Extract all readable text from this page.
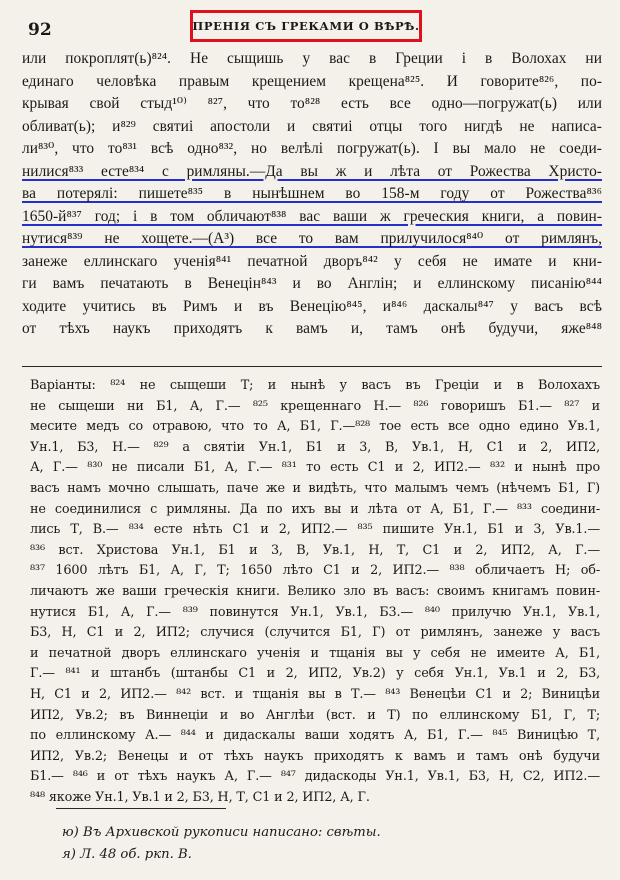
92	ПРЕНІЯ СЪ ГРЕКАМИ О ВѢРѢ.
или покроплят(ь)⁸²⁴. Не сыщишь у вас в Греции і в Волохах ни
единаго человѣка правым крещением крещена⁸²⁵. И говорите⁸²⁶, по-
крывая свой стыд¹⁰⁾ ⁸²⁷, что то⁸²⁸ есть все одно—погружат(ь) или
обливат(ь); и⁸²⁹ святиі апостоли и святиі отцы того нигдѣ не написа-
ли⁸³⁰, что то⁸³¹ всѣ одно⁸³², но велѣлі погружат(ь). І вы мало не соеди-
нилися⁸³³ есте⁸³⁴ с римляны.—Да вы ж и лѣта от Рожества Христо-
ва потерялі: пишете⁸³⁵ в нынѣшнем во 158-м году от Рожества⁸³⁶
1650-й⁸³⁷ год; і в том обличают⁸³⁸ вас ваши ж греческия книги, а повин-
нутися⁸³⁹ не хощете.—(А³) все то вам прилучилося⁸⁴⁰ от римлянъ,
занеже еллинскаго ученія⁸⁴¹ печатной дворъ⁸⁴² у себя не имате и кни-
ги вамъ печатають в Венецін⁸⁴³ и во Англін; и еллинскому писанію⁸⁴⁴
ходите учитись въ Римъ и въ Венецію⁸⁴⁵, и⁸⁴⁶ даскалы⁸⁴⁷ у васъ всѣ
от тѣхъ наукъ приходятъ к вамъ и, тамъ онѣ будучи, яже⁸⁴⁸
Варіанты: ⁸²⁴ не сыщеши Т; и нынѣ у васъ въ Греціи и в Волохахъ
не сыщеши ни Б1, А, Г.— ⁸²⁵ крещеннаго Н.— ⁸²⁶ говоришъ Б1.— ⁸²⁷ и
месите медъ со отравою, что то А, Б1, Г.—⁸²⁸ тое есть все одно едино Ув.1,
Ун.1, Б3, Н.— ⁸²⁹ а святіи Ун.1, Б1 и 3, В, Ув.1, Н, С1 и 2, ИП2,
А, Г.— ⁸³⁰ не писали Б1, А, Г.— ⁸³¹ то есть С1 и 2, ИП2.— ⁸³² и нынѣ про
васъ намъ мочно слышать, паче же и видѣть, что малымъ чемъ (нѣчемъ Б1, Г)
не соединилися с римляны. Да по ихъ вы и лѣта от А, Б1, Г.— ⁸³³ соедини-
лись Т, В.— ⁸³⁴ есте нѣть С1 и 2, ИП2.— ⁸³⁵ пишите Ун.1, Б1 и 3, Ув.1.—
⁸³⁶ вст. Христова Ун.1, Б1 и 3, В, Ув.1, Н, Т, С1 и 2, ИП2, А, Г.—
⁸³⁷ 1600 лѣтъ Б1, А, Г, Т; 1650 лѣто С1 и 2, ИП2.— ⁸³⁸ обличаетъ Н; об-
личаютъ же ваши греческія книги. Велико зло въ васъ: своимъ книгамъ повин-
нутися Б1, А, Г.— ⁸³⁹ повинутся Ун.1, Ув.1, Б3.— ⁸⁴⁰ прилучю Ун.1, Ув.1,
Б3, Н, С1 и 2, ИП2; случися (случится Б1, Г) от римлянъ, занеже у васъ
и печатной дворъ еллинскаго ученія и тщанія вы у себя не имеите А, Б1,
Г.— ⁸⁴¹ и штанбъ (штанбы С1 и 2, ИП2, Ув.2) у себя Ун.1, Ув.1 и 2, Б3,
Н, С1 и 2, ИП2.— ⁸⁴² вст. и тщанія вы в Т.— ⁸⁴³ Венецѣи С1 и 2; Виницѣи
ИП2, Ув.2; въ Виннеціи и во Англѣи (вст. и Т) по еллинскому Б1, Г, Т;
по еллинскому А.— ⁸⁴⁴ и дидаскалы ваши ходятъ А, Б1, Г.— ⁸⁴⁵ Виницѣю Т,
ИП2, Ув.2; Венецы и от тѣхъ наукъ приходятъ к вамъ и тамъ онѣ будучи
Б1.— ⁸⁴⁶ и от тѣхъ наукъ А, Г.— ⁸⁴⁷ дидаскоды Ун.1, Ув.1, Б3, Н, С2, ИП2.—
⁸⁴⁸ якоже Ун.1, Ув.1 и 2, Б3, Н, Т, С1 и 2, ИП2, А, Г.
ю) Въ Архивской рукописи написано: свѣты.
я) Л. 48 об. ркп. В.
